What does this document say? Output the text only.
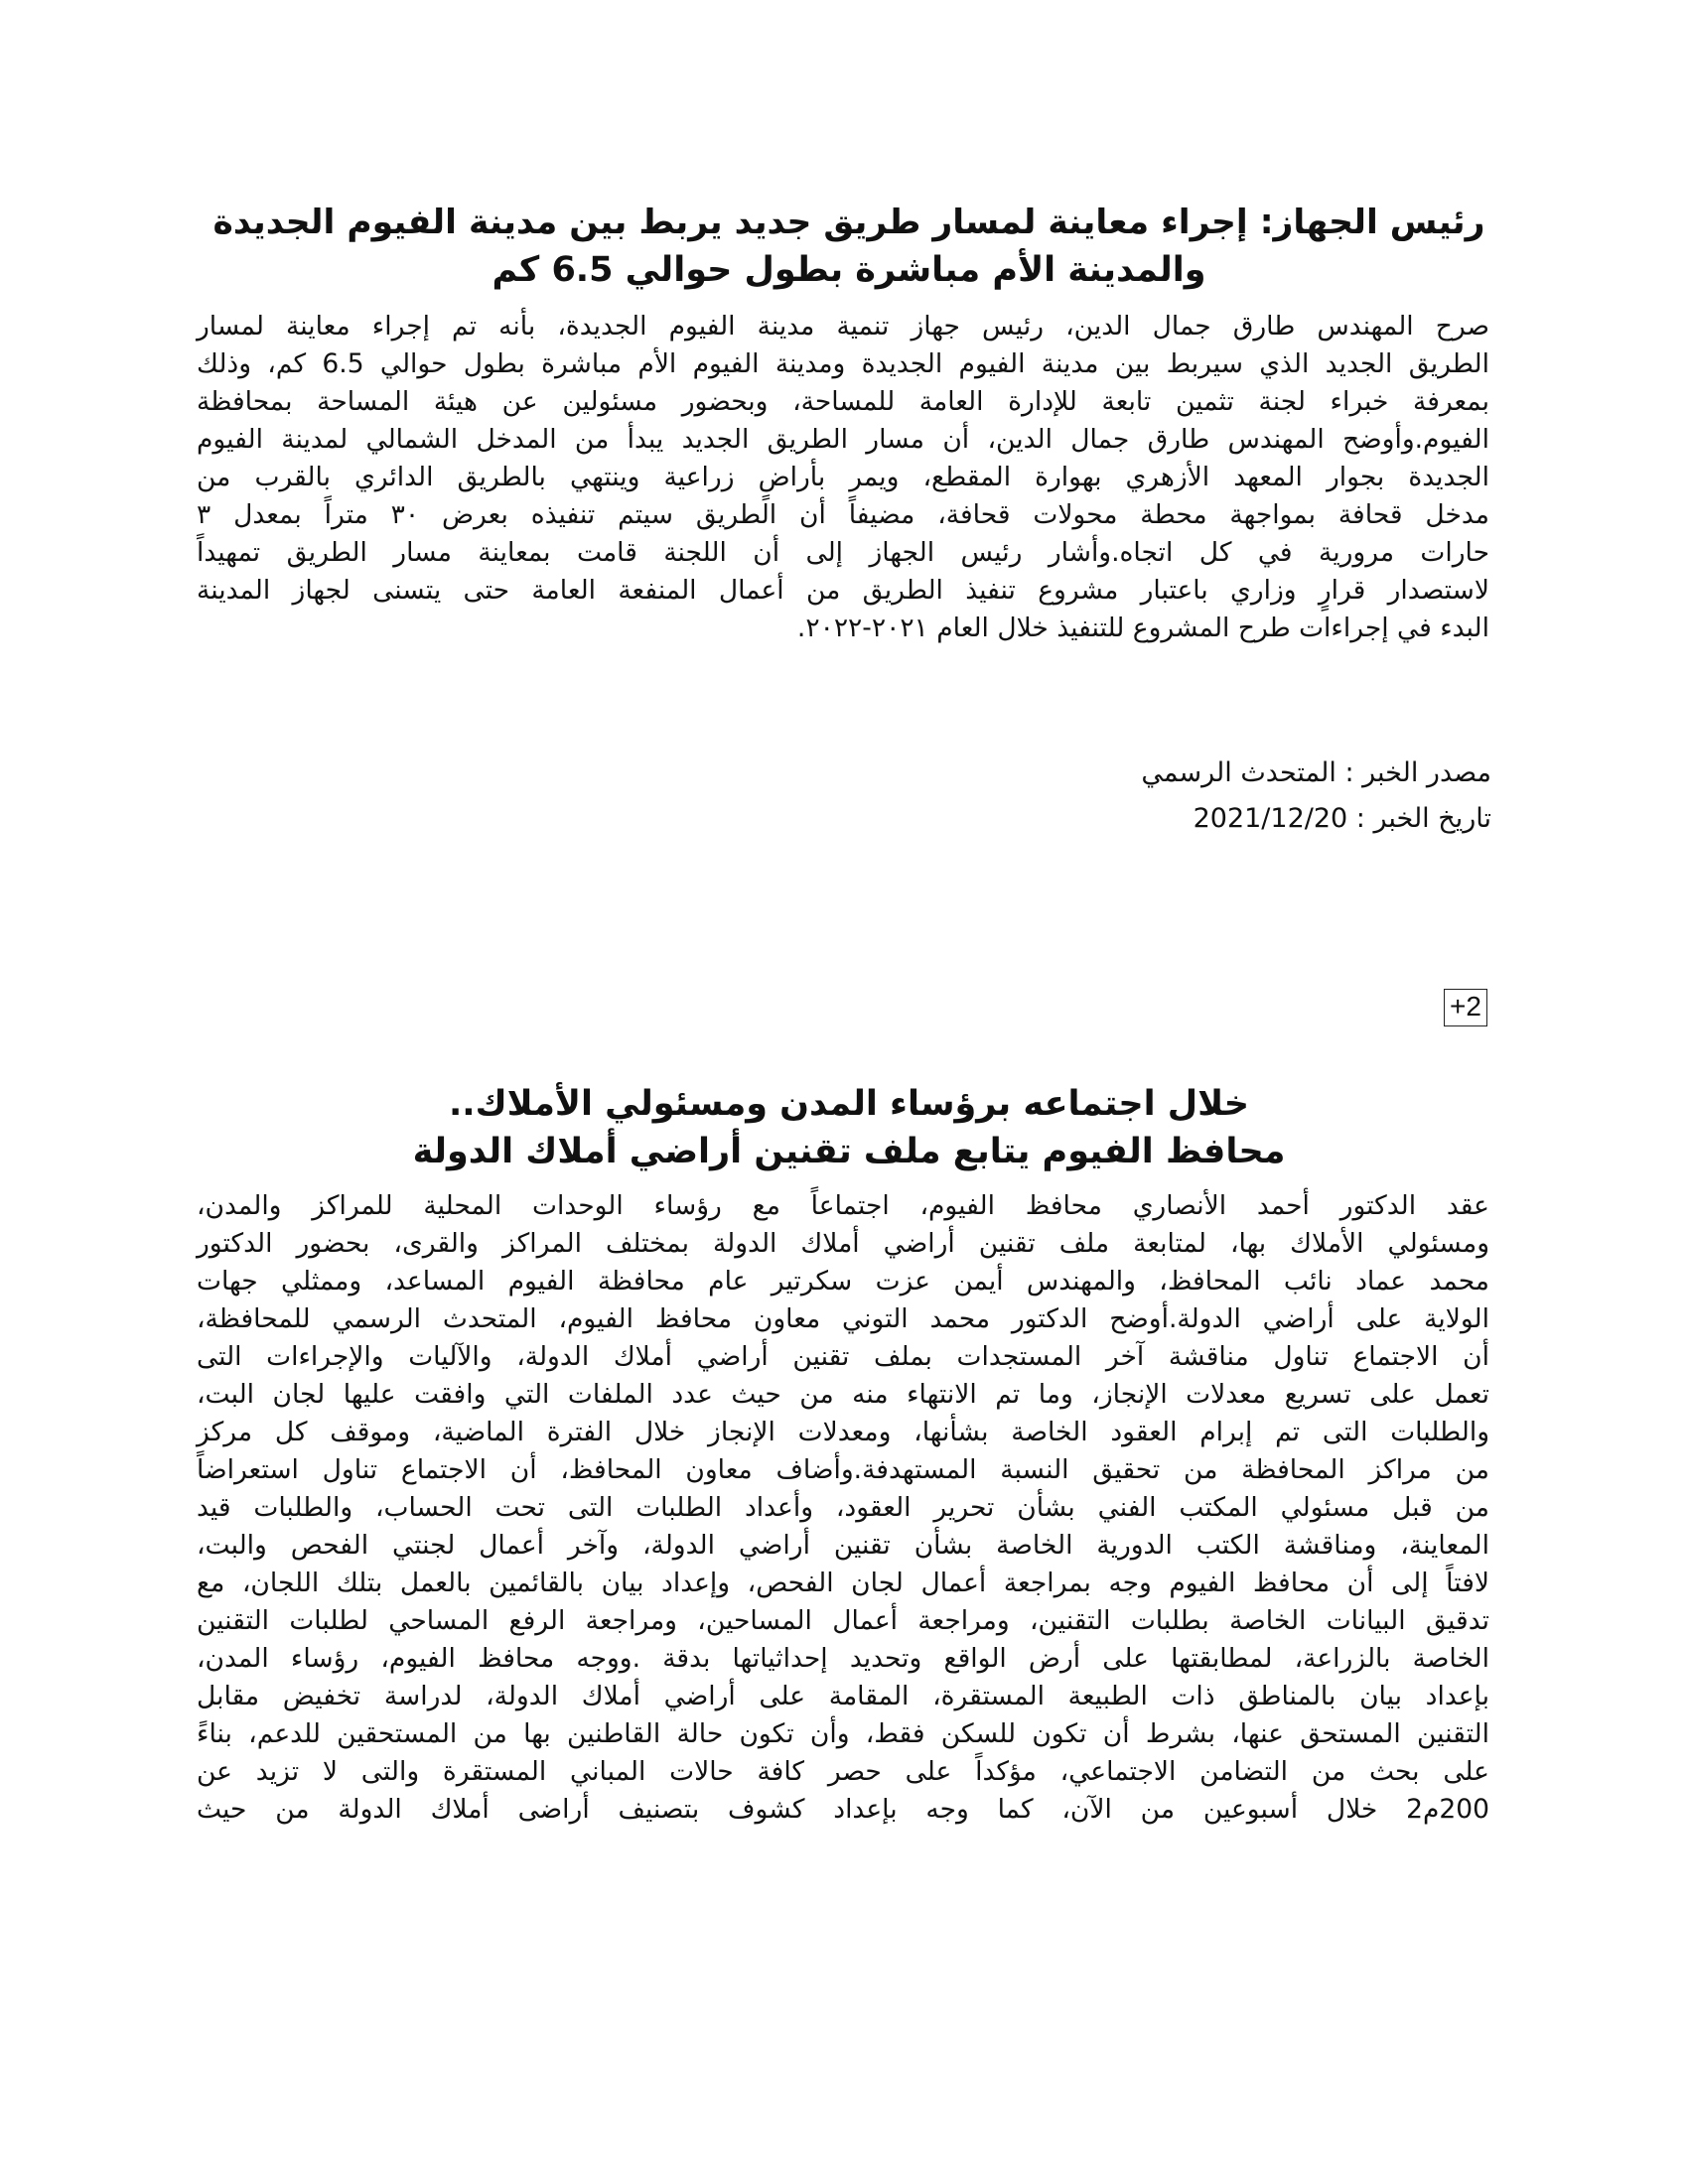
رئيس الجهاز: إجراء معاينة لمسار طريق جديد يربط بين مدينة الفيوم الجديدة
والمدينة الأم مباشرة بطول حوالي 6.5 كم
صرح المهندس طارق جمال الدين، رئيس جهاز تنمية مدينة الفيوم الجديدة، بأنه تم إجراء معاينة لمسار
الطريق الجديد الذي سيربط بين مدينة الفيوم الجديدة ومدينة الفيوم الأم مباشرة بطول حوالي 6.5 كم، وذلك
بمعرفة خبراء لجنة تثمين تابعة للإدارة العامة للمساحة، وبحضور مسئولين عن هيئة المساحة بمحافظة
الفيوم.وأوضح المهندس طارق جمال الدين، أن مسار الطريق الجديد يبدأ من المدخل الشمالي لمدينة الفيوم
الجديدة بجوار المعهد الأزهري بهوارة المقطع، ويمر بأراضٍ زراعية وينتهي بالطريق الدائري بالقرب من
مدخل قحافة بمواجهة محطة محولات قحافة، مضيفاً أن الطريق سيتم تنفيذه بعرض ٣٠ متراً بمعدل ٣
حارات مرورية في كل اتجاه.وأشار رئيس الجهاز إلى أن اللجنة قامت بمعاينة مسار الطريق تمهيداً
لاستصدار قرارٍ وزاري باعتبار مشروع تنفيذ الطريق من أعمال المنفعة العامة حتى يتسنى لجهاز المدينة
البدء في إجراءات طرح المشروع للتنفيذ خلال العام ٢٠٢١-٢٠٢٢.
مصدر الخبر : المتحدث الرسمي
تاريخ الخبر : 2021/12/20
+2
خلال اجتماعه برؤساء المدن ومسئولي الأملاك..
محافظ الفيوم يتابع ملف تقنين أراضي أملاك الدولة
عقد الدكتور أحمد الأنصاري محافظ الفيوم، اجتماعاً مع رؤساء الوحدات المحلية للمراكز والمدن،
ومسئولي الأملاك بها، لمتابعة ملف تقنين أراضي أملاك الدولة بمختلف المراكز والقرى، بحضور الدكتور
محمد عماد نائب المحافظ، والمهندس أيمن عزت سكرتير عام محافظة الفيوم المساعد، وممثلي جهات
الولاية على أراضي الدولة.أوضح الدكتور محمد التوني معاون محافظ الفيوم، المتحدث الرسمي للمحافظة،
أن الاجتماع تناول مناقشة آخر المستجدات بملف تقنين أراضي أملاك الدولة، والآليات والإجراءات التى
تعمل على تسريع معدلات الإنجاز، وما تم الانتهاء منه من حيث عدد الملفات التي وافقت عليها لجان البت،
والطلبات التى تم إبرام العقود الخاصة بشأنها، ومعدلات الإنجاز خلال الفترة الماضية، وموقف كل مركز
من مراكز المحافظة من تحقيق النسبة المستهدفة.وأضاف معاون المحافظ، أن الاجتماع تناول استعراضاً
من قبل مسئولي المكتب الفني بشأن تحرير العقود، وأعداد الطلبات التى تحت الحساب، والطلبات قيد
المعاينة، ومناقشة الكتب الدورية الخاصة بشأن تقنين أراضي الدولة، وآخر أعمال لجنتي الفحص والبت،
لافتاً إلى أن محافظ الفيوم وجه بمراجعة أعمال لجان الفحص، وإعداد بيان بالقائمين بالعمل بتلك اللجان، مع
تدقيق البيانات الخاصة بطلبات التقنين، ومراجعة أعمال المساحين، ومراجعة الرفع المساحي لطلبات التقنين
الخاصة بالزراعة، لمطابقتها على أرض الواقع وتحديد إحداثياتها بدقة .ووجه محافظ الفيوم، رؤساء المدن،
بإعداد بيان بالمناطق ذات الطبيعة المستقرة، المقامة على أراضي أملاك الدولة، لدراسة تخفيض مقابل
التقنين المستحق عنها، بشرط أن تكون للسكن فقط، وأن تكون حالة القاطنين بها من المستحقين للدعم، بناءً
على بحث من التضامن الاجتماعي، مؤكداً على حصر كافة حالات المباني المستقرة والتى لا تزيد عن
200م2 خلال أسبوعين من الآن، كما وجه بإعداد كشوف بتصنيف أراضى أملاك الدولة من حيث
